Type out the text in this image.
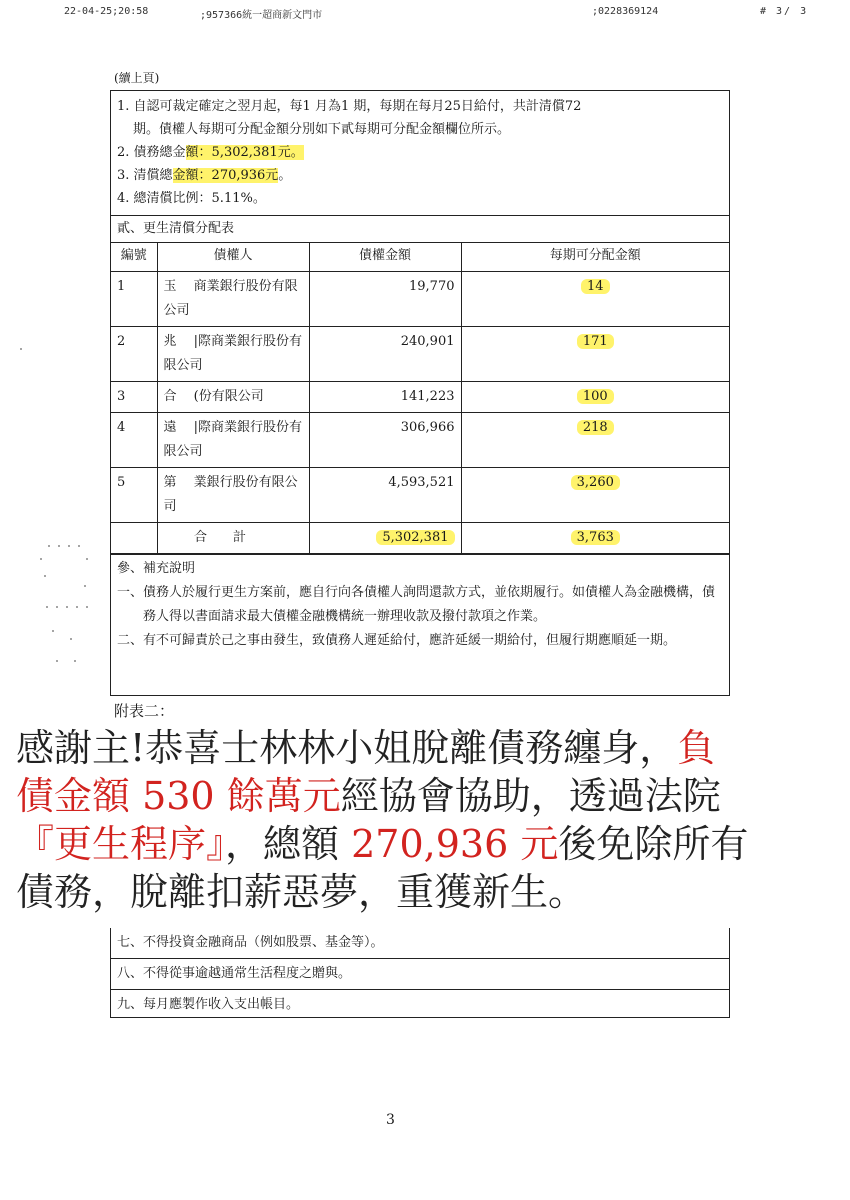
22-04-25;20:58	;957366統一超商新文門市	;0228369124	# 3/ 3
(續上頁)
1. 自認可裁定確定之翌月起，每1 月為1 期，每期在每月25日給付，共計清償72
期。債權人每期可分配金額分別如下貳每期可分配金額欄位所示。
2. 債務總金額：5,302,381元。
3. 清償總金額：270,936元。
4. 總清償比例：5.11%。
貳、更生清償分配表
編號	債權人	債權金額	每期可分配金額
1	玉　 商業銀行股份有限公司	19,770	14
2	兆　 |際商業銀行股份有限公司	240,901	171
3	合　 (份有限公司	141,223	100
4	遠　 |際商業銀行股份有限公司	306,966	218
5	第　 業銀行股份有限公司	4,593,521	3,260
	合計	5,302,381	3,763
參、補充說明
一、 債務人於履行更生方案前，應自行向各債權人詢問還款方式，並依期履行。如債權人為金融機構，債務人得以書面請求最大債權金融機構統一辦理收款及撥付款項之作業。
二、 有不可歸責於己之事由發生，致債務人遲延給付，應許延緩一期給付，但履行期應順延一期。
附表二：
感謝主!恭喜士林林小姐脫離債務纏身，負
債金額 530 餘萬元經協會協助，透過法院
『更生程序』，總額 270,936 元後免除所有
債務，脫離扣薪惡夢，重獲新生。
七、不得投資金融商品（例如股票、基金等）。
八、不得從事逾越通常生活程度之贈與。
九、每月應製作收入支出帳目。
3
